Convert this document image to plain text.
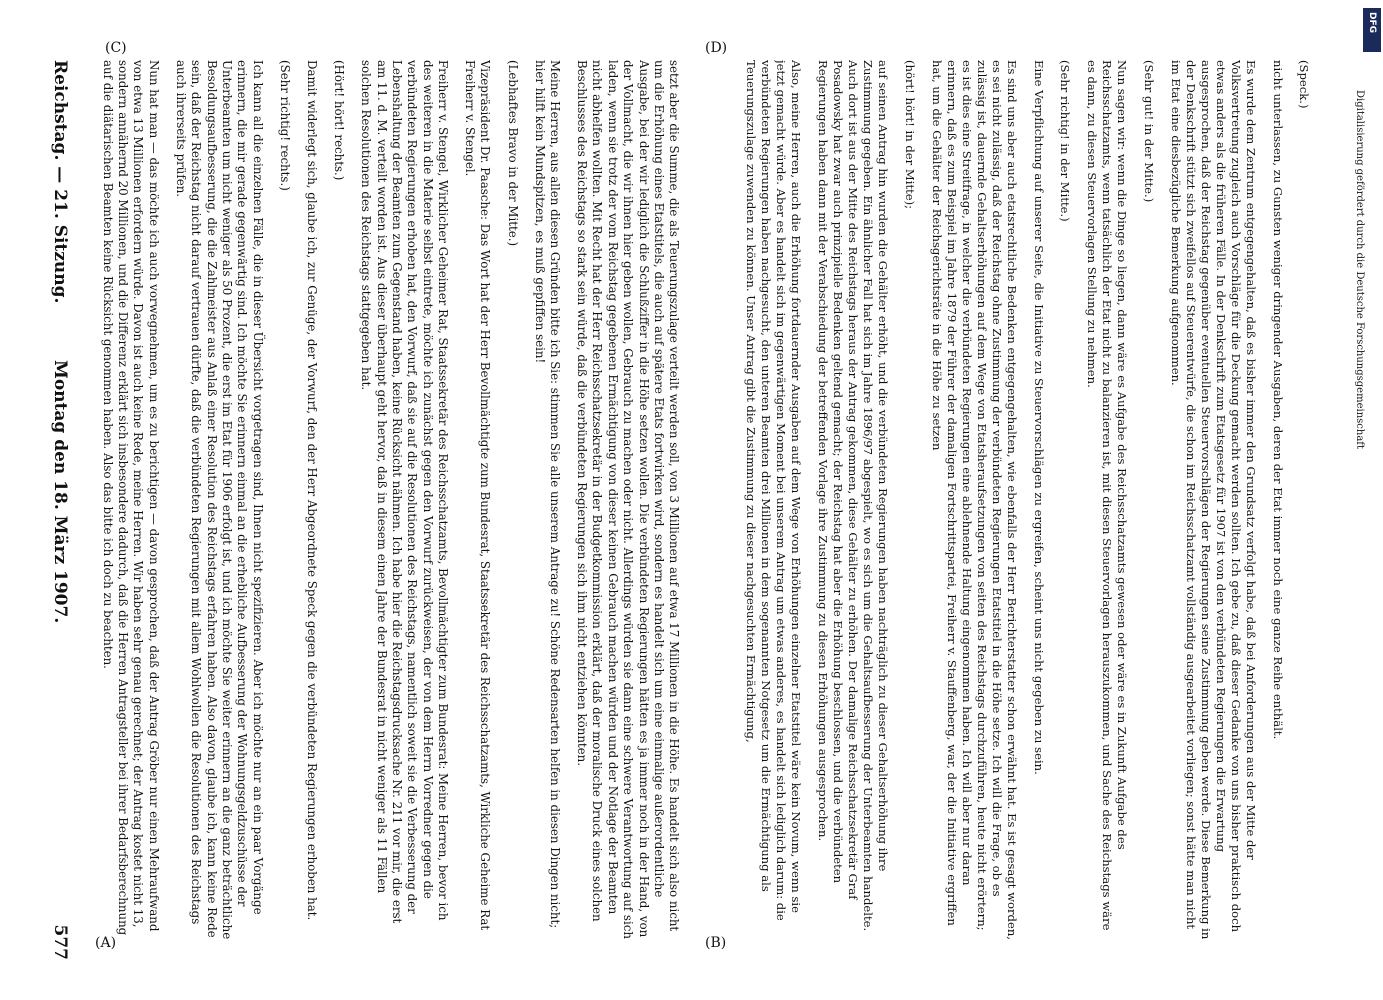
Reichstag. — 21. Sitzung.
Montag den 18. März 1907.
577

(Speck.)

nicht unterlassen, zu Gunsten weniger dringender Ausgaben, deren der Etat immer noch eine ganze Reihe enthält.

Es wurde dem Zentrum entgegengehalten, daß es bisher immer den Grundsatz verfolgt habe, daß bei Anforderungen aus der Mitte der Volksvertretung zugleich auch Vorschläge für die Deckung gemacht werden sollten. Ich gebe zu, daß dieser Gedanke von uns bisher praktisch doch etwas anders als die früheren Fälle. In der Denkschrift zum Etatsgesetz für 1907 ist von den verbündeten Regierungen die Erwartung ausgesprochen, daß der Reichstag gegenüber eventuellen Steuervorschlägen der Regierungen seine Zustimmung geben werde. Diese Bemerkung in der Denkschrift stützt sich zweifellos auf Steuerentwürfe, die schon im Reichsschatzamt vollständig ausgearbeitet vorliegen; sonst hätte man nicht im Etat eine diesbezügliche Bemerkung aufgenommen.

(Sehr gut! in der Mitte.)

Nun sagen wir: wenn die Dinge so liegen, dann wäre es Aufgabe des Reichsschatzamts gewesen oder wäre es in Zukunft Aufgabe des Reichsschatzamts, wenn tatsächlich der Etat nicht zu balanzieren ist, mit diesen Steuervorlagen herauszukommen, und Sache des Reichstags wäre es dann, zu diesen Steuervorlagen Stellung zu nehmen.

(Sehr richtig! in der Mitte.)

Eine Verpflichtung auf unserer Seite, die Initiative zu Steuervorschlägen zu ergreifen, scheint uns nicht gegeben zu sein.

Es sind uns aber auch etatsrechtliche Bedenken entgegengehalten, wie ebenfalls der Herr Berichterstatter schon erwähnt hat. Es ist gesagt worden, es sei nicht zulässig, daß der Reichstag ohne Zustimmung der verbündeten Regierungen Etatstitel in die Höhe setze. Ich will die Frage, ob es zulässig ist, dauernde Gehaltserhöhungen auf dem Wege von Etatsheraufsetzungen von seiten des Reichstags durchzuführen, heute nicht erörtern; es ist dies eine Streitfrage, in welcher die verbündeten Regierungen eine ablehnende Haltung eingenommen haben. Ich will aber nur daran erinnern, daß es zum Beispiel im Jahre 1879 der Führer der damaligen Fortschrittspartei, Freiherr v. Stauffenberg, war, der die Initiative ergriffen hat, um die Gehälter der Reichsgerichtsräte in die Höhe zu setzen

(hört! hört! in der Mitte);

auf seinen Antrag hin wurden die Gehälter erhöht, und die verbündeten Regierungen haben nachträglich zu dieser Gehaltserhöhung ihre Zustimmung gegeben. Ein ähnlicher Fall hat sich im Jahre 1896/97 abgespielt, wo es sich um die Gehaltsaufbesserung der Unterbeamten handelte. Auch dort ist aus der Mitte des Reichstags heraus der Antrag gekommen, diese Gehälter zu erhöhen. Der damalige Reichsschatzsekretär Graf Posadowsky hat zwar auch prinzipielle Bedenken geltend gemacht; der Reichstag hat aber die Erhöhung beschlossen, und die verbündeten Regierungen haben dann mit der Verabschiedung der betreffenden Vorlage ihre Zustimmung zu diesen Erhöhungen ausgesprochen.

Also, meine Herren, auch die Erhöhung fortdauernder Ausgaben auf dem Wege von Erhöhungen einzelner Etatstitel wäre kein Novum, wenn sie jetzt gemacht würde. Aber es handelt sich im gegenwärtigen Moment bei unserem Antrag um etwas anderes, es handelt sich lediglich darum: die verbündeten Regierungen haben nachgesucht, den unteren Beamten drei Millionen in dem sogenannten Notgesetz um die Ermächtigung als Teuerungszulage zuwenden zu können. Unser Antrag gibt die Zustimmung zu dieser nachgesuchten Ermächtigung,

setzt aber die Summe, die als Teuerungszulage verteilt werden soll, von 3 Millionen auf etwa 17 Millionen in die Höhe. Es handelt sich also nicht um die Erhöhung eines Etatstitels, die auch auf spätere Etats fortwirken wird, sondern es handelt sich um eine einmalige außerordentliche Ausgabe, bei der wir lediglich die Schlußziffer in die Höhe setzen wollen. Die verbündeten Regierungen hätten es ja immer noch in der Hand, von der Vollmacht, die wir ihnen hier geben wollen, Gebrauch zu machen oder nicht. Allerdings würden sie dann eine schwere Verantwortung auf sich laden, wenn sie trotz der vom Reichstag gegebenen Ermächtigung von dieser keinen Gebrauch machen würden und der Notlage der Beamten nicht abhelfen wollten. Mit Recht hat der Herr Reichsschatzsekretär in der Budgetkommission erklärt, daß der moralische Druck eines solchen Beschlusses des Reichstags so stark sein würde, daß die verbündeten Regierungen sich ihm nicht entziehen könnten.

Meine Herren, aus allen diesen Gründen bitte ich Sie: stimmen Sie alle unserem Antrage zu! Schöne Redensarten helfen in diesen Dingen nicht; hier hilft kein Mundspitzen, es muß gepfiffen sein!

(Lebhaftes Bravo in der Mitte.)

Vizepräsident Dr. Paasche: Das Wort hat der Herr Bevollmächtigte zum Bundesrat, Staatssekretär des Reichsschatzamts, Wirkliche Geheime Rat Freiherr v. Stengel.

Freiherr v. Stengel, Wirklicher Geheimer Rat, Staatssekretär des Reichsschatzamts, Bevollmächtigter zum Bundesrat: Meine Herren, bevor ich des weiteren in die Materie selbst eintrete, möchte ich zunächst gegen den Vorwurf zurückweisen, der von dem Herrn Vorredner gegen die verbündeten Regierungen erhoben hat, den Vorwurf, daß sie auf die Resolutionen des Reichstags, namentlich soweit sie die Verbesserung der Lebenshaltung der Beamten zum Gegenstand haben, keine Rücksicht nähmen. Ich habe hier die Reichstagsdrucksache Nr. 211 vor mir, die erst am 11. d. M. verteilt worden ist. Aus dieser überhaupt geht hervor, daß in diesem einen Jahre der Bundesrat in nicht weniger als 11 Fällen solchen Resolutionen des Reichstags stattgegeben hat.

(Hört! hört! rechts.)

Damit widerlegt sich, glaube ich, zur Genüge, der Vorwurf, den der Herr Abgeordnete Speck gegen die verbündeten Regierungen erhoben hat.

(Sehr richtig! rechts.)

Ich kann all die einzelnen Fälle, die in dieser Übersicht vorgetragen sind, Ihnen nicht spezifizieren. Aber ich möchte nur an ein paar Vorgänge erinnern, die mir gerade gegenwärtig sind. Ich möchte Sie erinnern einmal an die erhebliche Aufbesserung der Wohnungsgeldzuschüsse der Unterbeamten um nicht weniger als 50 Prozent, die erst im Etat für 1906 erfolgt ist, und ich möchte Sie weiter erinnern an die ganz beträchtliche Besoldungsaufbesserung, die die Zahlmeister aus Anlaß einer Resolution des Reichstags erfahren haben. Also davon, glaube ich, kann keine Rede sein, daß der Reichstag nicht darauf vertrauen dürfte, daß die verbündeten Regierungen mit allem Wohlwollen die Resolutionen des Reichstags auch ihrerseits prüfen.

Nun hat man — das möchte ich auch vorwegnehmen, um es zu berichtigen — davon gesprochen, daß der Antrag Gröber nur einen Mehraufwand von etwa 13 Millionen erfordern würde. Davon ist auch keine Rede, meine Herren. Wir haben sehr genau gerechnet; der Antrag kostet nicht 13, sondern annähernd 20 Millionen, und die Differenz erklärt sich insbesondere dadurch, daß die Herren Antragsteller bei ihrer Bedarfsberechnung auf die diätarischen Beamten keine Rücksicht genommen haben. Also das bitte ich doch zu beachten.

(A)	(B)
(C)	(D)
Digitalisierung gefördert durch die Deutsche Forschungsgemeinschaft
DFG
